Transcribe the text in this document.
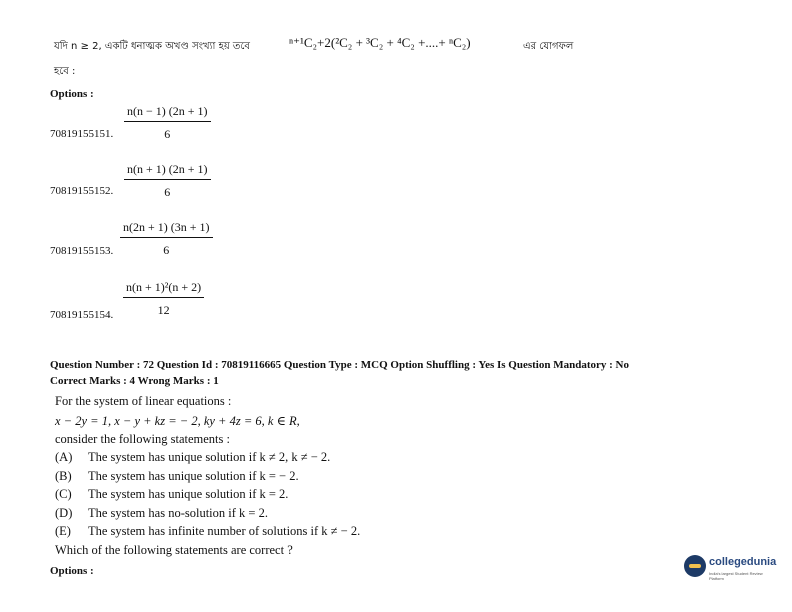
যদি n ≥ 2, একটি ধনাত্মক অখণ্ড সংখ্যা হয় তবে	ⁿ⁺¹C₂+2(²C₂ + ³C₂ + ⁴C₂ +....+ ⁿC₂)	এর যোগফল
হবে :
Options :
$\frac{n(n - 1) (2n + 1)}{6}$
70819155151.
$\frac{n(n + 1) (2n + 1)}{6}$
70819155152.
$\frac{n(2n + 1) (3n + 1)}{6}$
70819155153.
$\frac{\text{n(n + 1)²(n + 2)}}{12}$
70819155154.
Question Number : 72 Question Id : 70819116665 Question Type : MCQ Option Shuffling : Yes Is Question Mandatory : No
Correct Marks : 4 Wrong Marks : 1
For the system of linear equations :
x − 2y = 1, x − y + kz = − 2, ky + 4z = 6, k ∈ R,
consider the following statements :
(A) The system has unique solution if k ≠ 2, k ≠ − 2.
(B) The system has unique solution if k = − 2.
(C) The system has unique solution if k = 2.
(D) The system has no-solution if k = 2.
(E) The system has infinite number of solutions if k ≠ − 2.
Which of the following statements are correct ?
Options :
collegedunia
India's largest Student Review Platform
